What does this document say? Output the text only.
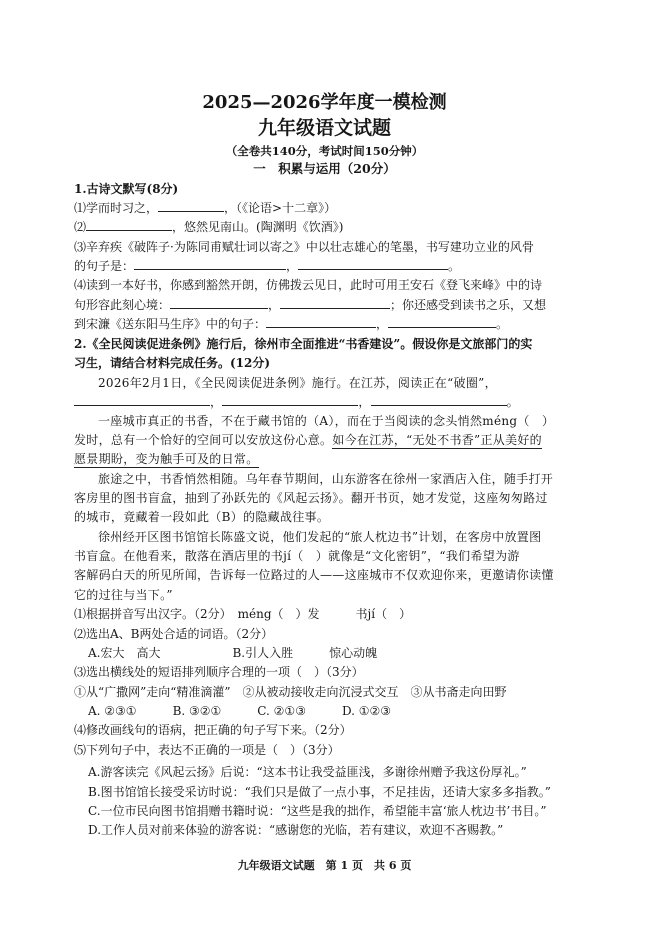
2025—2026学年度一模检测
九年级语文试题
（全卷共140分，考试时间150分钟）
一　积累与运用（20分）
1.古诗文默写(8分)
⑴学而时习之，	，（《论语>十二章》）
⑵	，悠然见南山。(陶渊明《饮酒》)
⑶辛弃疾《破阵子·为陈同甫赋壮词以寄之》中以壮志雄心的笔墨，书写建功立业的风骨
的句子是：	，	。
⑷读到一本好书，你感到豁然开朗，仿佛拨云见日，此时可用王安石《登飞来峰》中的诗
句形容此刻心境：	，	；你还感受到读书之乐，又想
到宋濂《送东阳马生序》中的句子：	，	。
2.《全民阅读促进条例》施行后，徐州市全面推进“书香建设”。假设你是文旅部门的实
习生，请结合材料完成任务。(12分)
2026年2月1日，《全民阅读促进条例》施行。在江苏，阅读正在“破圈”，
，	，	。
一座城市真正的书香，不在于藏书馆的（A），而在于当阅读的念头悄然méng（　）
发时，总有一个恰好的空间可以安放这份心意。如今在江苏，“无处不书香”正从美好的
愿景期盼，变为触手可及的日常。
旅途之中，书香悄然相随。乌年春节期间，山东游客在徐州一家酒店入住，随手打开
客房里的图书盲盒，抽到了孙跃先的《风起云扬》。翻开书页，她才发觉，这座匆匆路过
的城市，竟藏着一段如此（B）的隐藏战往事。
徐州经开区图书馆馆长陈盛文说，他们发起的“旅人枕边书”计划，在客房中放置图
书盲盒。在他看来，散落在酒店里的书jí（　）就像是“文化密钥”，“我们希望为游
客解码白天的所见所闻，告诉每一位路过的人——这座城市不仅欢迎你来，更邀请你读懂
它的过往与当下。”
⑴根据拼音写出汉字。（2分）　méng（　）发　　　书jí（　）
⑵选出A、B两处合适的词语。（2分）
A.宏大　高大　　　　　　B.引人入胜　　　惊心动魄
⑶选出横线处的短语排列顺序合理的一项（　）（3分）
①从“广撒网”走向“精准滴灌”　②从被动接收走向沉浸式交互　③从书斋走向田野
A. ②③①　　　B. ③②①　　　C. ②①③　　　D. ①②③
⑷修改画线句的语病，把正确的句子写下来。（2分）
⑸下列句子中，表达不正确的一项是（　）（3分）
A.游客读完《风起云扬》后说：“这本书让我受益匪浅，多谢徐州赠予我这份厚礼。”
B.图书馆馆长接受采访时说：“我们只是做了一点小事，不足挂齿，还请大家多多指教。”
C.一位市民向图书馆捐赠书籍时说：“这些是我的拙作，希望能丰富‘旅人枕边书’书目。”
D.工作人员对前来体验的游客说：“感谢您的光临，若有建议，欢迎不吝赐教。”
九年级语文试题　第 1 页　共 6 页
